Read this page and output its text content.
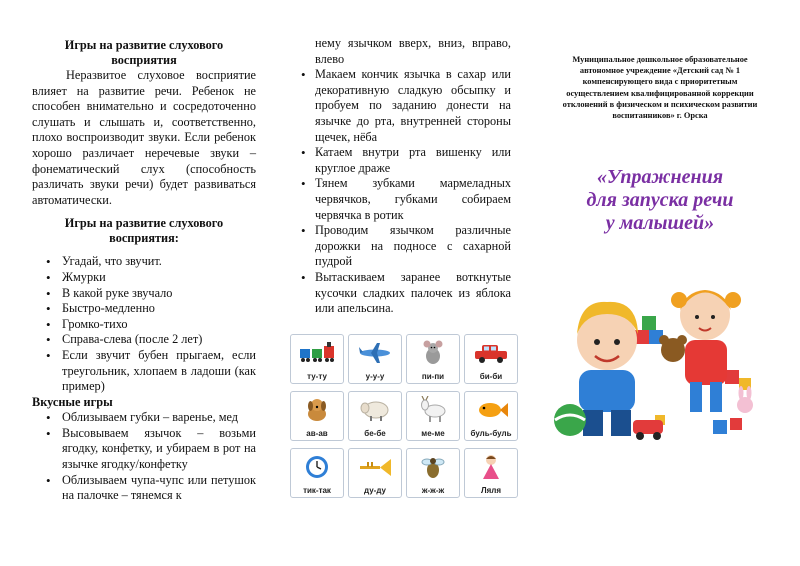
Игры на развитие слухового восприятия

Неразвитое слуховое восприятие влияет на развитие речи. Ребенок не способен внимательно и сосредоточенно слушать и слышать и, соответственно, плохо воспроизводит звуки. Если ребенок хорошо различает неречевые звуки – фонематический слух (способность различать звуки речи) будет развиваться автоматически.

Игры на развитие слухового восприятия:
• Угадай, что звучит.
• Жмурки
• В какой руке звучало
• Быстро-медленно
• Громко-тихо
• Справа-слева (после 2 лет)
• Если звучит бубен прыгаем, если треугольник, хлопаем в ладоши (как пример)
Вкусные игры
• Облизываем губки – варенье, мед
• Высовываем язычок – возьми ягодку, конфетку, и убираем в рот на язычке ягодку/конфетку
• Облизываем чупа-чупс или петушок на палочке – тянемся к
нему язычком вверх, вниз, вправо, влево
• Макаем кончик язычка в сахар или декоративную сладкую обсыпку и пробуем по заданию донести на язычке до рта, внутренней стороны щечек, нёба
• Катаем внутри рта вишенку или круглое драже
• Тянем зубками мармеладных червячков, губками собираем червячка в ротик
• Проводим язычком различные дорожки на подносе с сахарной пудрой
• Вытаскиваем заранее воткнутые кусочки сладких палочек из яблока или апельсина.
ту-ту	у-у-у	пи-пи	би-би
ав-ав	бе-бе	ме-ме	буль-буль
тик-так	ду-ду	ж-ж-ж	Ляля
Муниципальное дошкольное образовательное автономное учреждение «Детский сад № 1 компенсирующего вида с приоритетным осуществлением квалифицированной коррекции отклонений в физическом и психическом развитии воспитанников» г. Орска
«Упражнения
для запуска речи
у малышей»
